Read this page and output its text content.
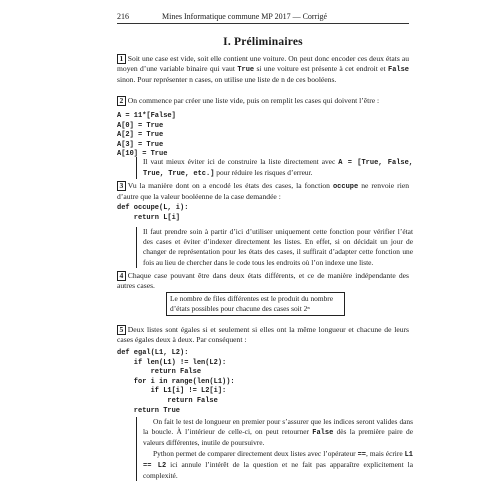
216	Mines Informatique commune MP 2017 — Corrigé
I. Préliminaires
1 Soit une case est vide, soit elle contient une voiture. On peut donc encoder ces deux états au moyen d’une variable binaire qui vaut True si une voiture est présente à cet endroit et False sinon. Pour représenter n cases, on utilise une liste de n de ces booléens.
2 On commence par créer une liste vide, puis on remplit les cases qui doivent l’être :
A = 11*[False]
A[0] = True
A[2] = True
A[3] = True
A[10] = True
Il vaut mieux éviter ici de construire la liste directement avec A = [True, False, True, True, etc.] pour réduire les risques d’erreur.
3 Vu la manière dont on a encodé les états des cases, la fonction occupe ne renvoie rien d’autre que la valeur booléenne de la case demandée :
def occupe(L, i):
return L[i]
Il faut prendre soin à partir d’ici d’utiliser uniquement cette fonction pour vérifier l’état des cases et éviter d’indexer directement les listes. En effet, si on décidait un jour de changer de représentation pour les états des cases, il suffirait d’adapter cette fonction une fois au lieu de chercher dans le code tous les endroits où l’on indexe une liste.
4 Chaque case pouvant être dans deux états différents, et ce de manière indépendante des autres cases.
Le nombre de files différentes est le produit du nombre d’états possibles pour chacune des cases soit 2ⁿ
5 Deux listes sont égales si et seulement si elles ont la même longueur et chacune de leurs cases égales deux à deux. Par conséquent :
def egal(L1, L2):
if len(L1) != len(L2):
return False
for i in range(len(L1)):
if L1[i] != L2[i]:
return False
return True
On fait le test de longueur en premier pour s’assurer que les indices seront valides dans la boucle. À l’intérieur de celle-ci, on peut retourner False dès la première paire de valeurs différentes, inutile de poursuivre.
Python permet de comparer directement deux listes avec l’opérateur ==, mais écrire L1 == L2 ici annule l’intérêt de la question et ne fait pas apparaître explicitement la complexité.
